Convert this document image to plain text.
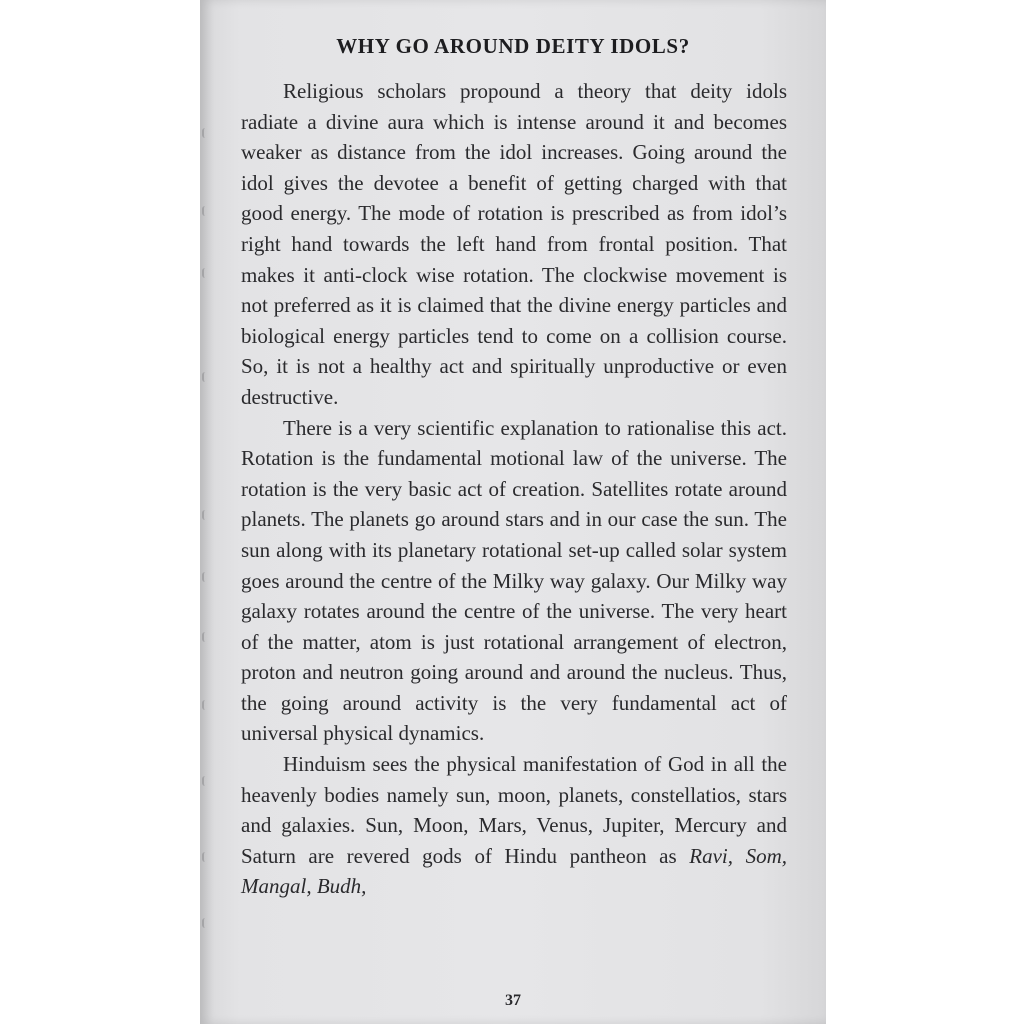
WHY GO AROUND DEITY IDOLS?

Religious scholars propound a theory that deity idols radiate a divine aura which is intense around it and becomes weaker as distance from the idol increases. Going around the idol gives the devotee a benefit of getting charged with that good energy. The mode of rotation is prescribed as from idol’s right hand towards the left hand from frontal position. That makes it anti-clock wise rotation. The clockwise movement is not preferred as it is claimed that the divine energy particles and biological energy particles tend to come on a collision course. So, it is not a healthy act and spiritually unproductive or even destructive.

There is a very scientific explanation to rationalise this act. Rotation is the fundamental motional law of the universe. The rotation is the very basic act of creation. Satellites rotate around planets. The planets go around stars and in our case the sun. The sun along with its planetary rotational set-up called solar system goes around the centre of the Milky way galaxy. Our Milky way galaxy rotates around the centre of the universe. The very heart of the matter, atom is just rotational arrangement of electron, proton and neutron going around and around the nucleus. Thus, the going around activity is the very fundamental act of universal physical dynamics.

Hinduism sees the physical manifestation of God in all the heavenly bodies namely sun, moon, planets, constellatios, stars and galaxies. Sun, Moon, Mars, Venus, Jupiter, Mercury and Saturn are revered gods of Hindu pantheon as Ravi, Som, Mangal, Budh,

37
